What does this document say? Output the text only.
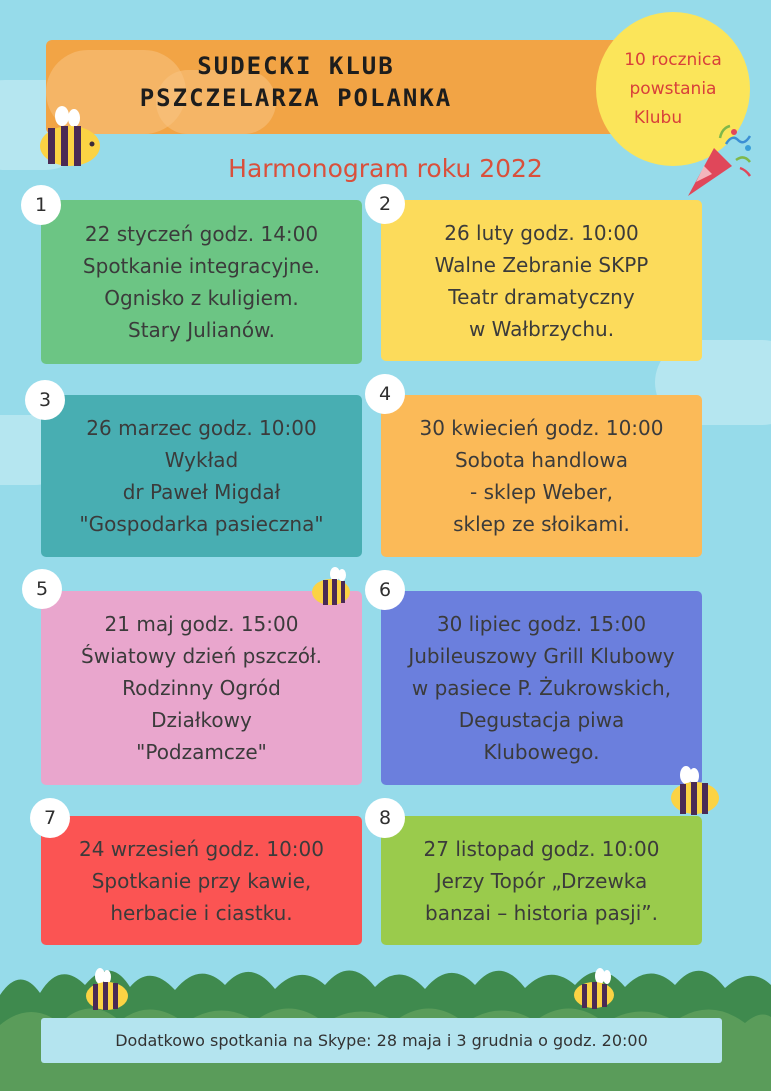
SUDECKI KLUB
PSZCZELARZA POLANKA
10 rocznica
powstania
Klubu
Harmonogram roku 2022
22 styczeń godz. 14:00
Spotkanie integracyjne.
Ognisko z kuligiem.
Stary Julianów.
1
26 luty godz. 10:00
Walne Zebranie SKPP
Teatr dramatyczny
w Wałbrzychu.
2
26 marzec godz. 10:00
Wykład
dr Paweł Migdał
"Gospodarka pasieczna"
3
30 kwiecień godz. 10:00
Sobota handlowa
- sklep Weber,
sklep ze słoikami.
4
21 maj godz. 15:00
Światowy dzień pszczół.
Rodzinny Ogród
Działkowy
"Podzamcze"
5
30 lipiec godz. 15:00
Jubileuszowy Grill Klubowy
w pasiece P. Żukrowskich,
Degustacja piwa
Klubowego.
6
24 wrzesień godz. 10:00
Spotkanie przy kawie,
herbacie i ciastku.
7
27 listopad godz. 10:00
Jerzy Topór „Drzewka
banzai – historia pasji”.
8
Dodatkowo spotkania na Skype: 28 maja i 3 grudnia o godz. 20:00
